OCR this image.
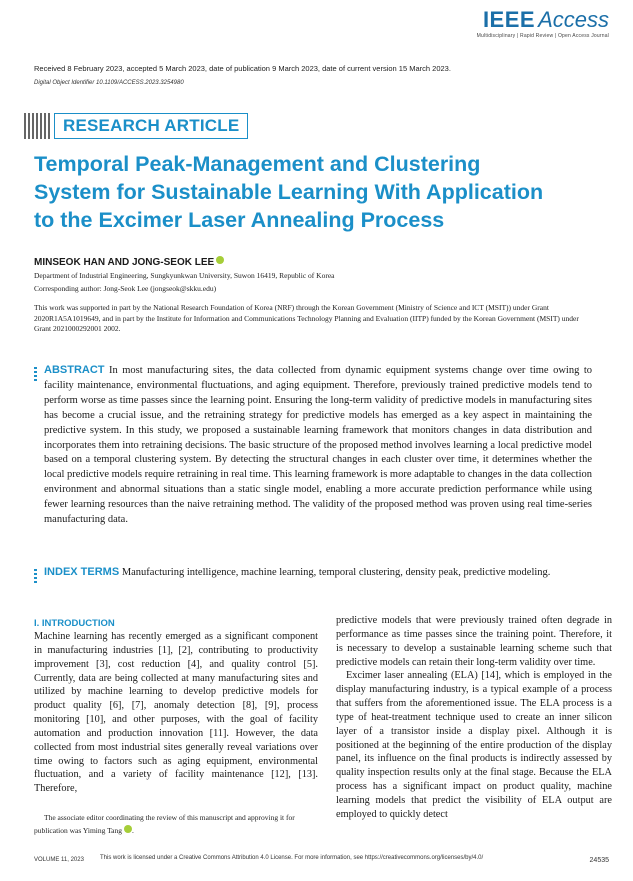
IEEE Access
Multidisciplinary | Rapid Review | Open Access Journal
Received 8 February 2023, accepted 5 March 2023, date of publication 9 March 2023, date of current version 15 March 2023.
Digital Object Identifier 10.1109/ACCESS.2023.3254980
RESEARCH ARTICLE
Temporal Peak-Management and Clustering System for Sustainable Learning With Application to the Excimer Laser Annealing Process
MINSEOK HAN AND JONG-SEOK LEE
Department of Industrial Engineering, Sungkyunkwan University, Suwon 16419, Republic of Korea
Corresponding author: Jong-Seok Lee (jongseok@skku.edu)
This work was supported in part by the National Research Foundation of Korea (NRF) through the Korean Government (Ministry of Science and ICT (MSIT)) under Grant 2020R1A5A1019649, and in part by the Institute for Information and Communications Technology Planning and Evaluation (IITP) funded by the Korean Government (MSIT) under Grant 2021000292001 2002.
ABSTRACT In most manufacturing sites, the data collected from dynamic equipment systems change over time owing to facility maintenance, environmental fluctuations, and aging equipment. Therefore, previously trained predictive models tend to perform worse as time passes since the learning point. Ensuring the long-term validity of predictive models in manufacturing sites has become a crucial issue, and the retraining strategy for predictive models has emerged as a key aspect in maintaining the predictive system. In this study, we proposed a sustainable learning framework that monitors changes in data distribution and incorporates them into retraining decisions. The basic structure of the proposed method involves learning a local predictive model based on a temporal clustering system. By detecting the structural changes in each cluster over time, it determines whether the local predictive models require retraining in real time. This learning framework is more adaptable to changes in the data collection environment and abnormal situations than a static single model, enabling a more accurate prediction performance while using fewer learning resources than the naive retraining method. The validity of the proposed method was proven using real time-series manufacturing data.
INDEX TERMS Manufacturing intelligence, machine learning, temporal clustering, density peak, predictive modeling.
I. INTRODUCTION

Machine learning has recently emerged as a significant component in manufacturing industries [1], [2], contributing to productivity improvement [3], cost reduction [4], and quality control [5]. Currently, data are being collected at many manufacturing sites and utilized by machine learning to develop predictive models for product quality [6], [7], anomaly detection [8], [9], process monitoring [10], and other purposes, with the goal of facility automation and production innovation [11]. However, the data collected from most industrial sites generally reveal variations over time owing to factors such as aging equipment, environmental fluctuation, and a variety of facility maintenance [12], [13]. Therefore,

predictive models that were previously trained often degrade in performance as time passes since the training point. Therefore, it is necessary to develop a sustainable learning scheme such that predictive models can retain their long-term validity over time.

Excimer laser annealing (ELA) [14], which is employed in the display manufacturing industry, is a typical example of a process that suffers from the aforementioned issue. The ELA process is a type of heat-treatment technique used to create an inner silicon layer of a transistor inside a display pixel. Although it is positioned at the beginning of the entire production of the display panel, its influence on the final products is indirectly assessed by quality inspection results only at the final stage. Because the ELA process has a significant impact on product quality, machine learning models that predict the visibility of ELA output are employed to quickly detect

The associate editor coordinating the review of this manuscript and approving it for publication was Yiming Tang .
VOLUME 11, 2023	This work is licensed under a Creative Commons Attribution 4.0 License. For more information, see https://creativecommons.org/licenses/by/4.0/	24535
